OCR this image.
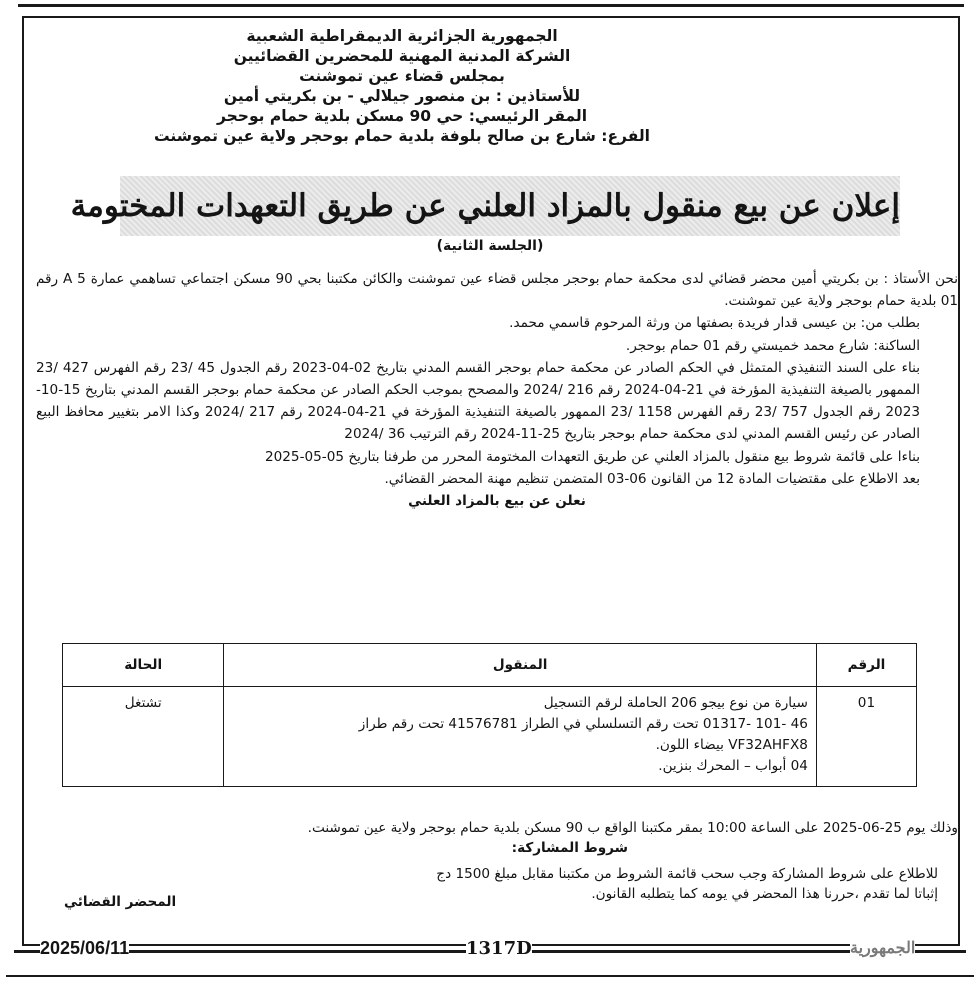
الجمهورية الجزائرية الديمقراطية الشعبية
الشركة المدنية المهنية للمحضرين القضائيين
بمجلس قضاء عين تموشنت
للأستاذين : بن منصور جيلالي - بن بكريتي أمين
المقر الرئيسي: حي 90 مسكن بلدية حمام بوحجر
الفرع: شارع بن صالح بلوفة بلدية حمام بوحجر ولاية عين تموشنت
إعلان عن بيع منقول بالمزاد العلني عن طريق التعهدات المختومة
(الجلسة الثانية)

نحن الأستاذ : بن بكريتي أمين محضر قضائي لدى محكمة حمام بوحجر مجلس قضاء عين تموشنت والكائن مكتبنا بحي 90 مسكن اجتماعي تساهمي عمارة A 5 رقم 01 بلدية حمام بوحجر ولاية عين تموشنت.

بطلب من: بن عيسى قدار فريدة بصفتها من ورثة المرحوم قاسمي محمد.

الساكنة: شارع محمد خميستي رقم 01 حمام بوحجر.

بناء على السند التنفيذي المتمثل في الحكم الصادر عن محكمة حمام بوحجر القسم المدني بتاريخ 02-04-2023 رقم الجدول 45 /23 رقم الفهرس 427 /23 الممهور بالصيغة التنفيذية المؤرخة في 21-04-2024 رقم 216 /2024 والمصحح بموجب الحكم الصادر عن محكمة حمام بوحجر القسم المدني بتاريخ 15-10-2023 رقم الجدول 757 /23 رقم الفهرس 1158 /23 الممهور بالصيغة التنفيذية المؤرخة في 21-04-2024 رقم 217 /2024 وكذا الامر بتغيير محافظ البيع الصادر عن رئيس القسم المدني لدى محكمة حمام بوحجر بتاريخ 25-11-2024 رقم الترتيب 36 /2024

بناءا على قائمة شروط بيع منقول بالمزاد العلني عن طريق التعهدات المختومة المحرر من طرفنا بتاريخ 05-05-2025

بعد الاطلاع على مقتضيات المادة 12 من القانون 06-03 المتضمن تنظيم مهنة المحضر القضائي.

نعلن عن بيع بالمزاد العلني

الرقم	المنقول	الحالة
01	سيارة من نوع بيجو 206 الحاملة لرقم التسجيل
46 -101 -01317 تحت رقم التسلسلي في الطراز 41576781 تحت رقم طراز
VF32AHFX8 بيضاء اللون.
04 أبواب – المحرك بنزين.	تشتغل

وذلك يوم 25-06-2025 على الساعة 10:00 بمقر مكتبنا الواقع ب 90 مسكن بلدية حمام بوحجر ولاية عين تموشنت.

شروط المشاركة:

للاطلاع على شروط المشاركة وجب سحب قائمة الشروط من مكتبنا مقابل مبلغ 1500 دج

إثباتا لما تقدم ،حررنا هذا المحضر في يومه كما يتطلبه القانون.

المحضر القضائي
2025/06/11	1317D	الجمهورية
